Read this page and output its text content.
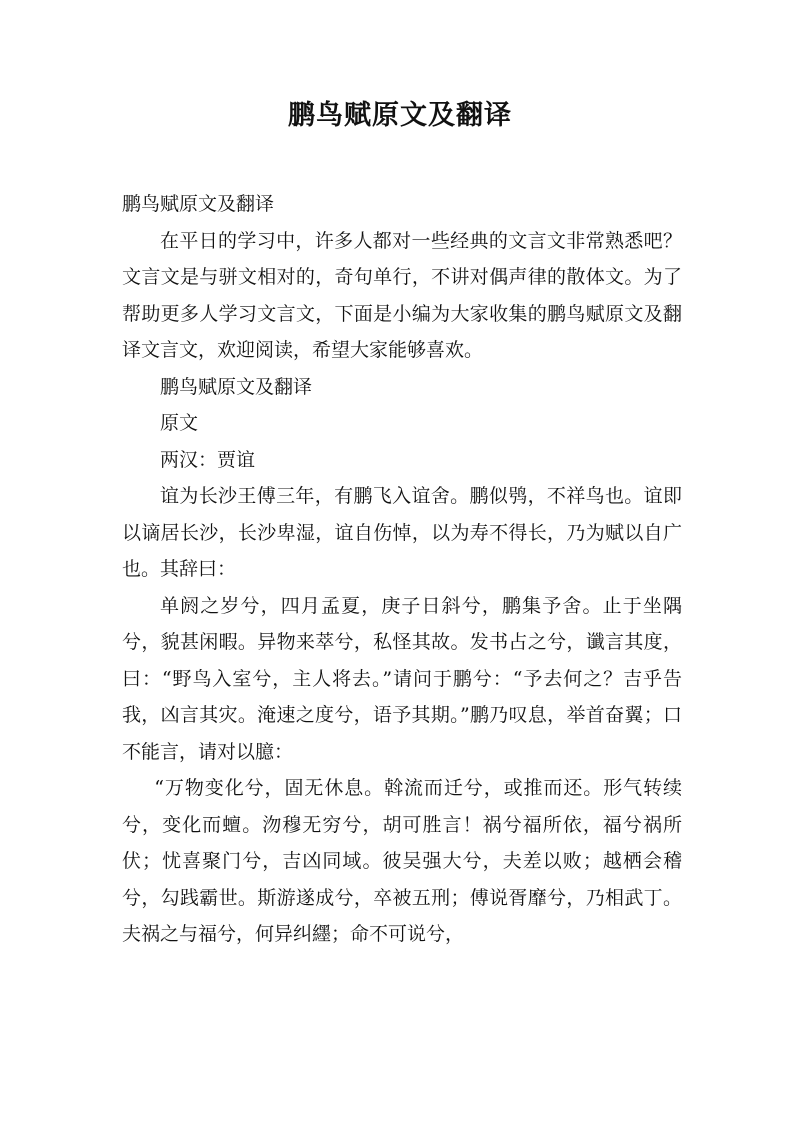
鹏鸟赋原文及翻译

鹏鸟赋原文及翻译

在平日的学习中，许多人都对一些经典的文言文非常熟悉吧？文言文是与骈文相对的，奇句单行，不讲对偶声律的散体文。为了帮助更多人学习文言文，下面是小编为大家收集的鹏鸟赋原文及翻译文言文，欢迎阅读，希望大家能够喜欢。

鹏鸟赋原文及翻译

原文

两汉：贾谊

谊为长沙王傅三年，有鹏飞入谊舍。鹏似鸮，不祥鸟也。谊即以谪居长沙，长沙卑湿，谊自伤悼，以为寿不得长，乃为赋以自广也。其辞曰：

单阏之岁兮，四月孟夏，庚子日斜兮，鹏集予舍。止于坐隅兮，貌甚闲暇。异物来萃兮，私怪其故。发书占之兮，谶言其度，曰：“野鸟入室兮，主人将去。”请问于鹏兮：“予去何之？吉乎告我，凶言其灾。淹速之度兮，语予其期。”鹏乃叹息，举首奋翼；口不能言，请对以臆：

“万物变化兮，固无休息。斡流而迁兮，或推而还。形气转续兮，变化而蟺。沕穆无穷兮，胡可胜言！祸兮福所依，福兮祸所伏；忧喜聚门兮，吉凶同域。彼吴强大兮，夫差以败；越栖会稽兮，勾践霸世。斯游遂成兮，卒被五刑；傅说胥靡兮，乃相武丁。夫祸之与福兮，何异纠纆；命不可说兮，
